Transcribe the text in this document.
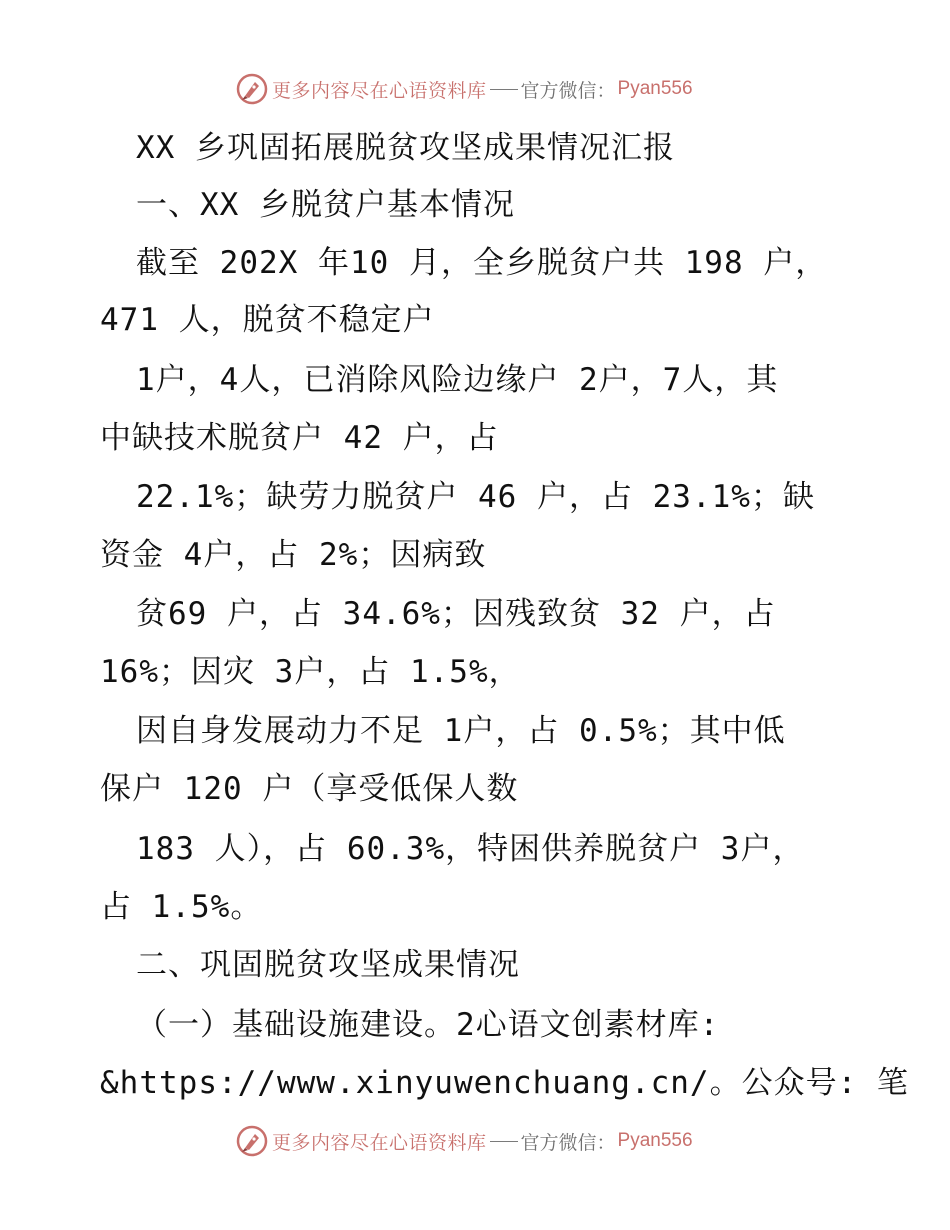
更多内容尽在心语资料库 官方微信： Pyan556
XX 乡巩固拓展脱贫攻坚成果情况汇报
一、XX 乡脱贫户基本情况
截至 202X 年10 月，全乡脱贫户共 198 户，
471 人，脱贫不稳定户
1户，4人，已消除风险边缘户 2户，7人，其
中缺技术脱贫户 42 户，占
22.1%；缺劳力脱贫户 46 户，占 23.1%；缺
资金 4户，占 2%；因病致
贫69 户，占 34.6%；因残致贫 32 户，占
16%；因灾 3户，占 1.5%，
因自身发展动力不足 1户，占 0.5%；其中低
保户 120 户（享受低保人数
183 人），占 60.3%，特困供养脱贫户 3户，
占 1.5%。
二、巩固脱贫攻坚成果情况
（一）基础设施建设。2心语文创素材库:
&https://www.xinyuwenchuang.cn/。公众号: 笔
更多内容尽在心语资料库 官方微信： Pyan556
